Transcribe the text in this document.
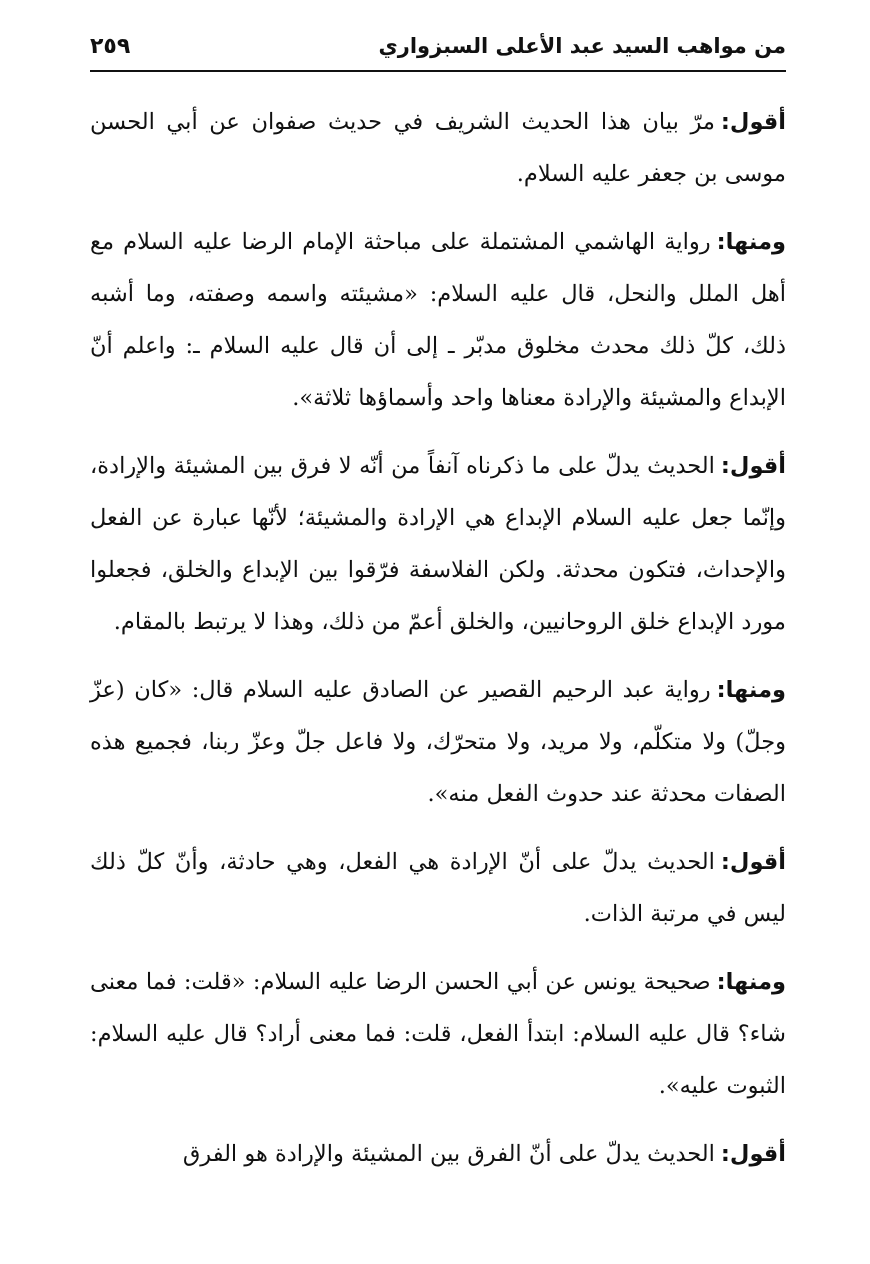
من مواهب السيد عبد الأعلى السبزواري
٢٥٩

أقول:مرّ بيان هذا الحديث الشريف في حديث صفوان عن أبي الحسن موسى بن جعفر عليه السلام.

ومنها:رواية الهاشمي المشتملة على مباحثة الإمام الرضا عليه السلام مع أهل الملل والنحل، قال عليه السلام: «مشيئته واسمه وصفته، وما أشبه ذلك، كلّ ذلك محدث مخلوق مدبّر ـ إلى أن قال عليه السلام ـ: واعلم أنّ الإبداع والمشيئة والإرادة معناها واحد وأسماؤها ثلاثة».

أقول:الحديث يدلّ على ما ذكرناه آنفاً من أنّه لا فرق بين المشيئة والإرادة، وإنّما جعل عليه السلام الإبداع هي الإرادة والمشيئة؛ لأنّها عبارة عن الفعل والإحداث، فتكون محدثة. ولكن الفلاسفة فرّقوا بين الإبداع والخلق، فجعلوا مورد الإبداع خلق الروحانيين، والخلق أعمّ من ذلك، وهذا لا يرتبط بالمقام.

ومنها:رواية عبد الرحيم القصير عن الصادق عليه السلام قال: «كان (عزّ وجلّ) ولا متكلّم، ولا مريد، ولا متحرّك، ولا فاعل جلّ وعزّ ربنا، فجميع هذه الصفات محدثة عند حدوث الفعل منه».

أقول:الحديث يدلّ على أنّ الإرادة هي الفعل، وهي حادثة، وأنّ كلّ ذلك ليس في مرتبة الذات.

ومنها:صحيحة يونس عن أبي الحسن الرضا عليه السلام: «قلت: فما معنى شاء؟ قال عليه السلام: ابتدأ الفعل، قلت: فما معنى أراد؟ قال عليه السلام: الثبوت عليه».

أقول:الحديث يدلّ على أنّ الفرق بين المشيئة والإرادة هو الفرق
